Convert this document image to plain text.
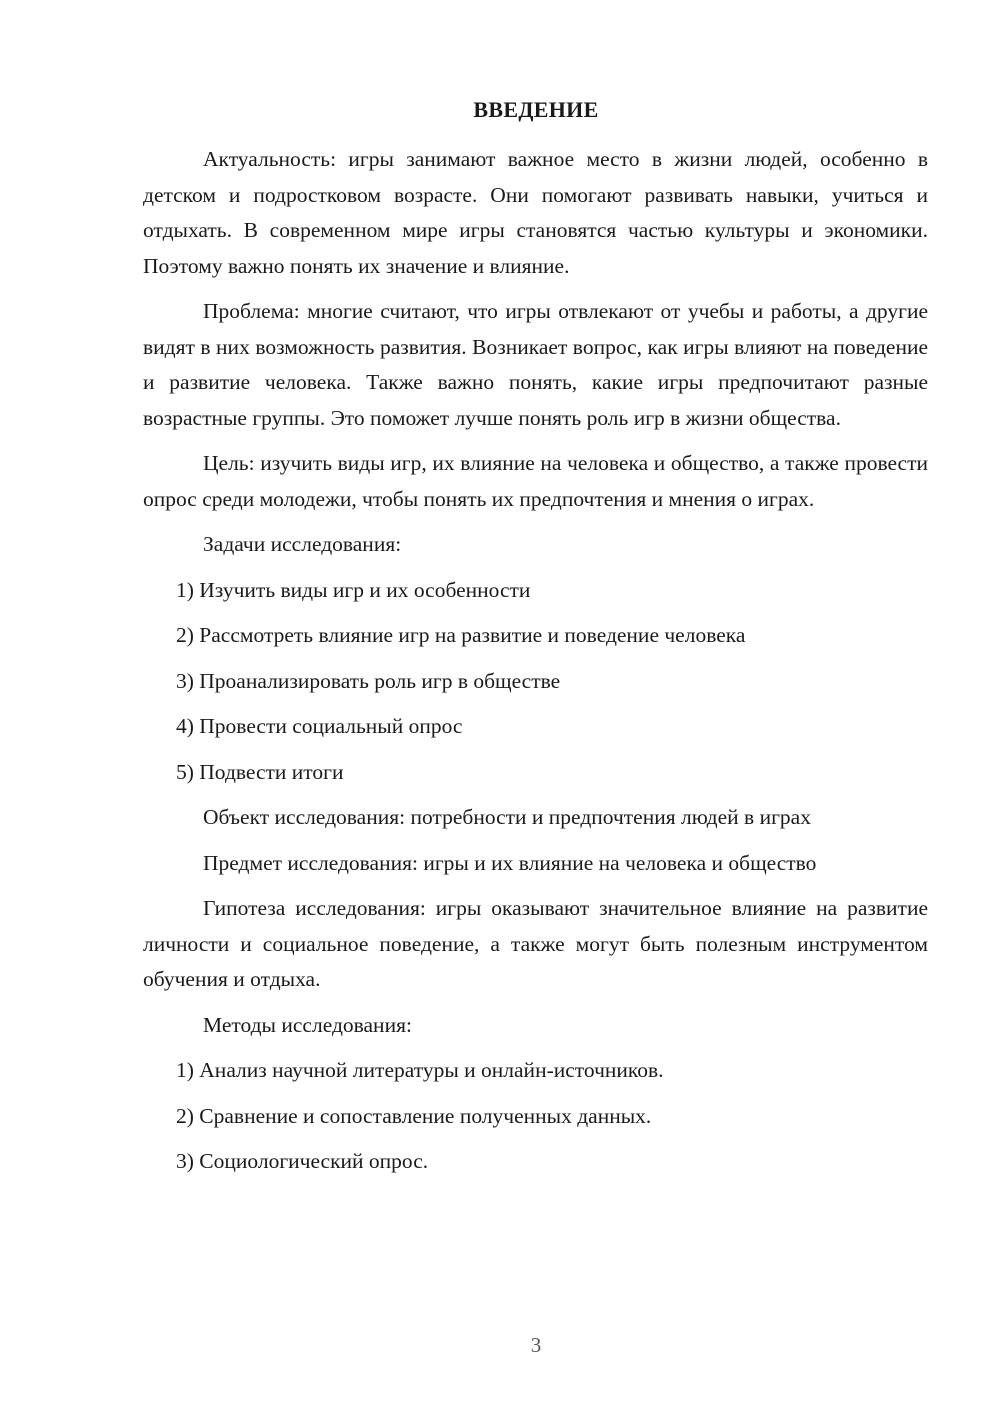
ВВЕДЕНИЕ

Актуальность: игры занимают важное место в жизни людей, особенно в детском и подростковом возрасте. Они помогают развивать навыки, учиться и отдыхать. В современном мире игры становятся частью культуры и экономики. Поэтому важно понять их значение и влияние.

Проблема: многие считают, что игры отвлекают от учебы и работы, а другие видят в них возможность развития. Возникает вопрос, как игры влияют на поведение и развитие человека. Также важно понять, какие игры предпочитают разные возрастные группы. Это поможет лучше понять роль игр в жизни общества.

Цель: изучить виды игр, их влияние на человека и общество, а также провести опрос среди молодежи, чтобы понять их предпочтения и мнения о играх.

Задачи исследования:

1) Изучить виды игр и их особенности
2) Рассмотреть влияние игр на развитие и поведение человека
3) Проанализировать роль игр в обществе
4) Провести социальный опрос
5) Подвести итоги

Объект исследования: потребности и предпочтения людей в играх

Предмет исследования: игры и их влияние на человека и общество

Гипотеза исследования: игры оказывают значительное влияние на развитие личности и социальное поведение, а также могут быть полезным инструментом обучения и отдыха.

Методы исследования:

1) Анализ научной литературы и онлайн-источников.
2) Сравнение и сопоставление полученных данных.
3) Социологический опрос.
3
